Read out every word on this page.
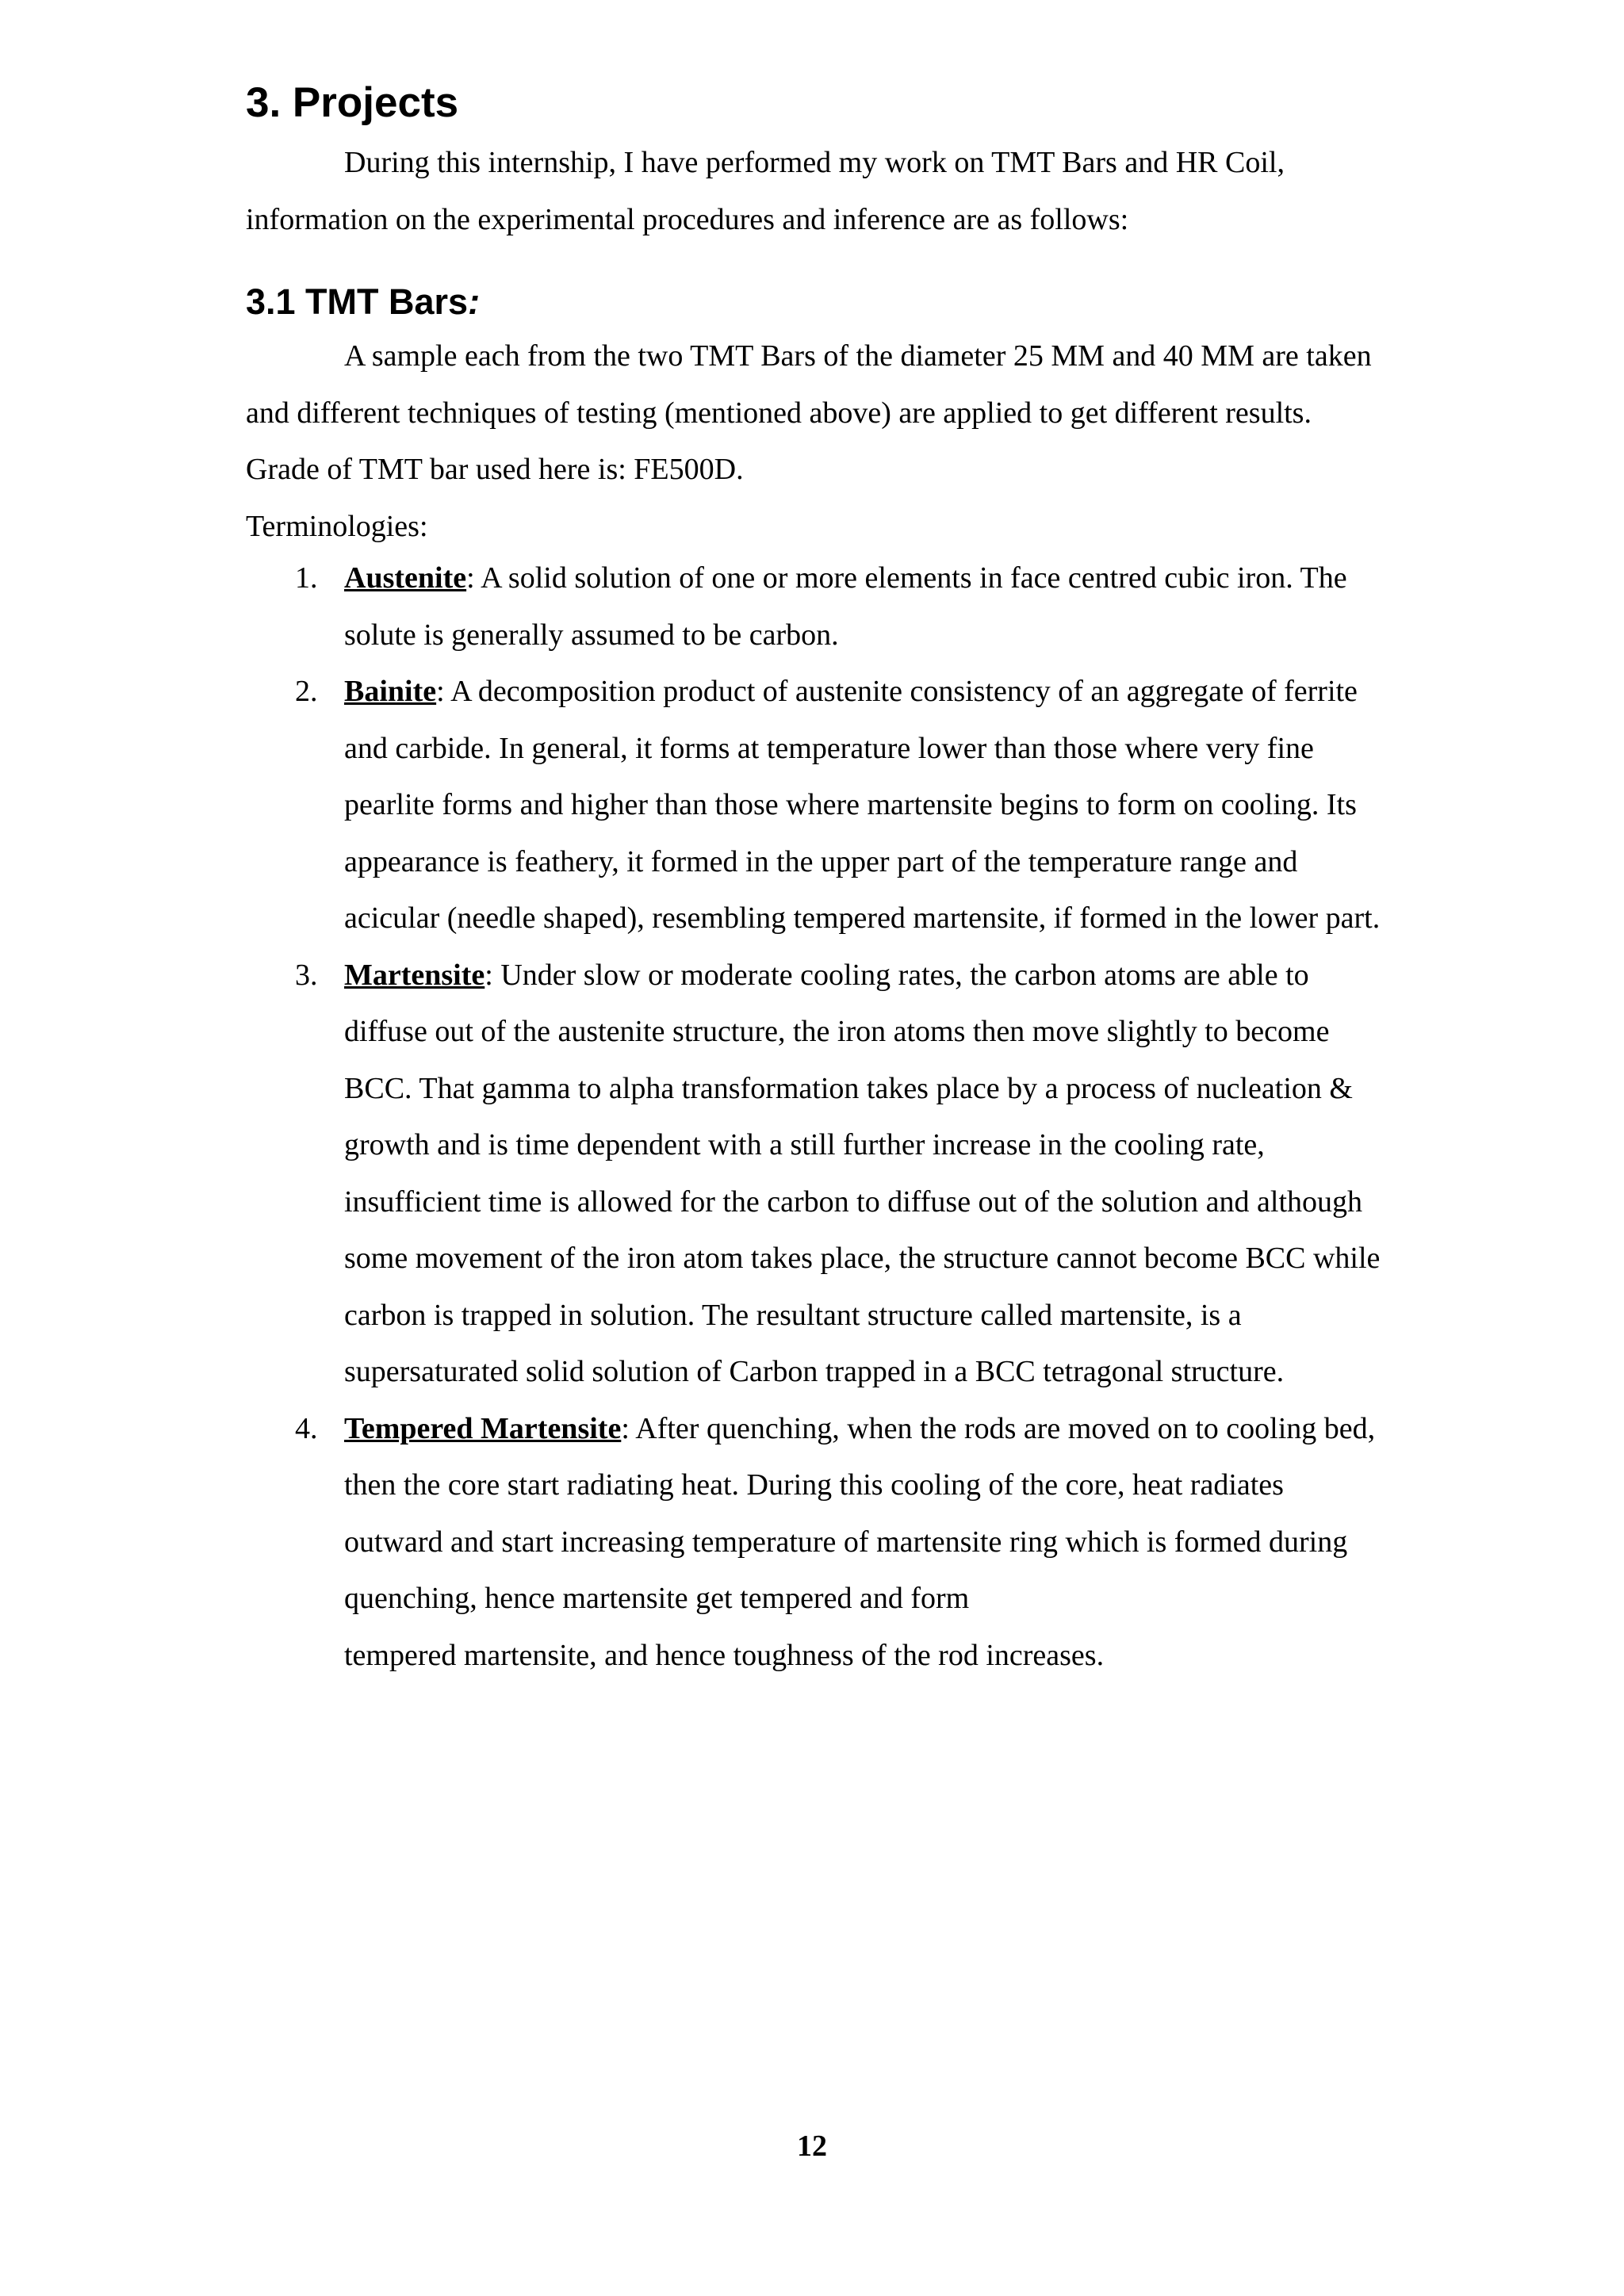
3. Projects

During this internship, I have performed my work on TMT Bars and HR Coil,
information on the experimental procedures and inference are as follows:

3.1 TMT Bars:

A sample each from the two TMT Bars of the diameter 25 MM and 40 MM are taken
and different techniques of testing (mentioned above) are applied to get different results.
Grade of TMT bar used here is: FE500D.
Terminologies:

1. Austenite: A solid solution of one or more elements in face centred cubic iron. The
solute is generally assumed to be carbon.
2. Bainite: A decomposition product of austenite consistency of an aggregate of ferrite
and carbide. In general, it forms at temperature lower than those where very fine
pearlite forms and higher than those where martensite begins to form on cooling. Its
appearance is feathery, it formed in the upper part of the temperature range and
acicular (needle shaped), resembling tempered martensite, if formed in the lower part.
3. Martensite: Under slow or moderate cooling rates, the carbon atoms are able to
diffuse out of the austenite structure, the iron atoms then move slightly to become
BCC. That gamma to alpha transformation takes place by a process of nucleation &
growth and is time dependent with a still further increase in the cooling rate,
insufficient time is allowed for the carbon to diffuse out of the solution and although
some movement of the iron atom takes place, the structure cannot become BCC while
carbon is trapped in solution. The resultant structure called martensite, is a
supersaturated solid solution of Carbon trapped in a BCC tetragonal structure.
4. Tempered Martensite: After quenching, when the rods are moved on to cooling bed,
then the core start radiating heat. During this cooling of the core, heat radiates
outward and start increasing temperature of martensite ring which is formed during
quenching, hence martensite get tempered and form
tempered martensite, and hence toughness of the rod increases.
12
